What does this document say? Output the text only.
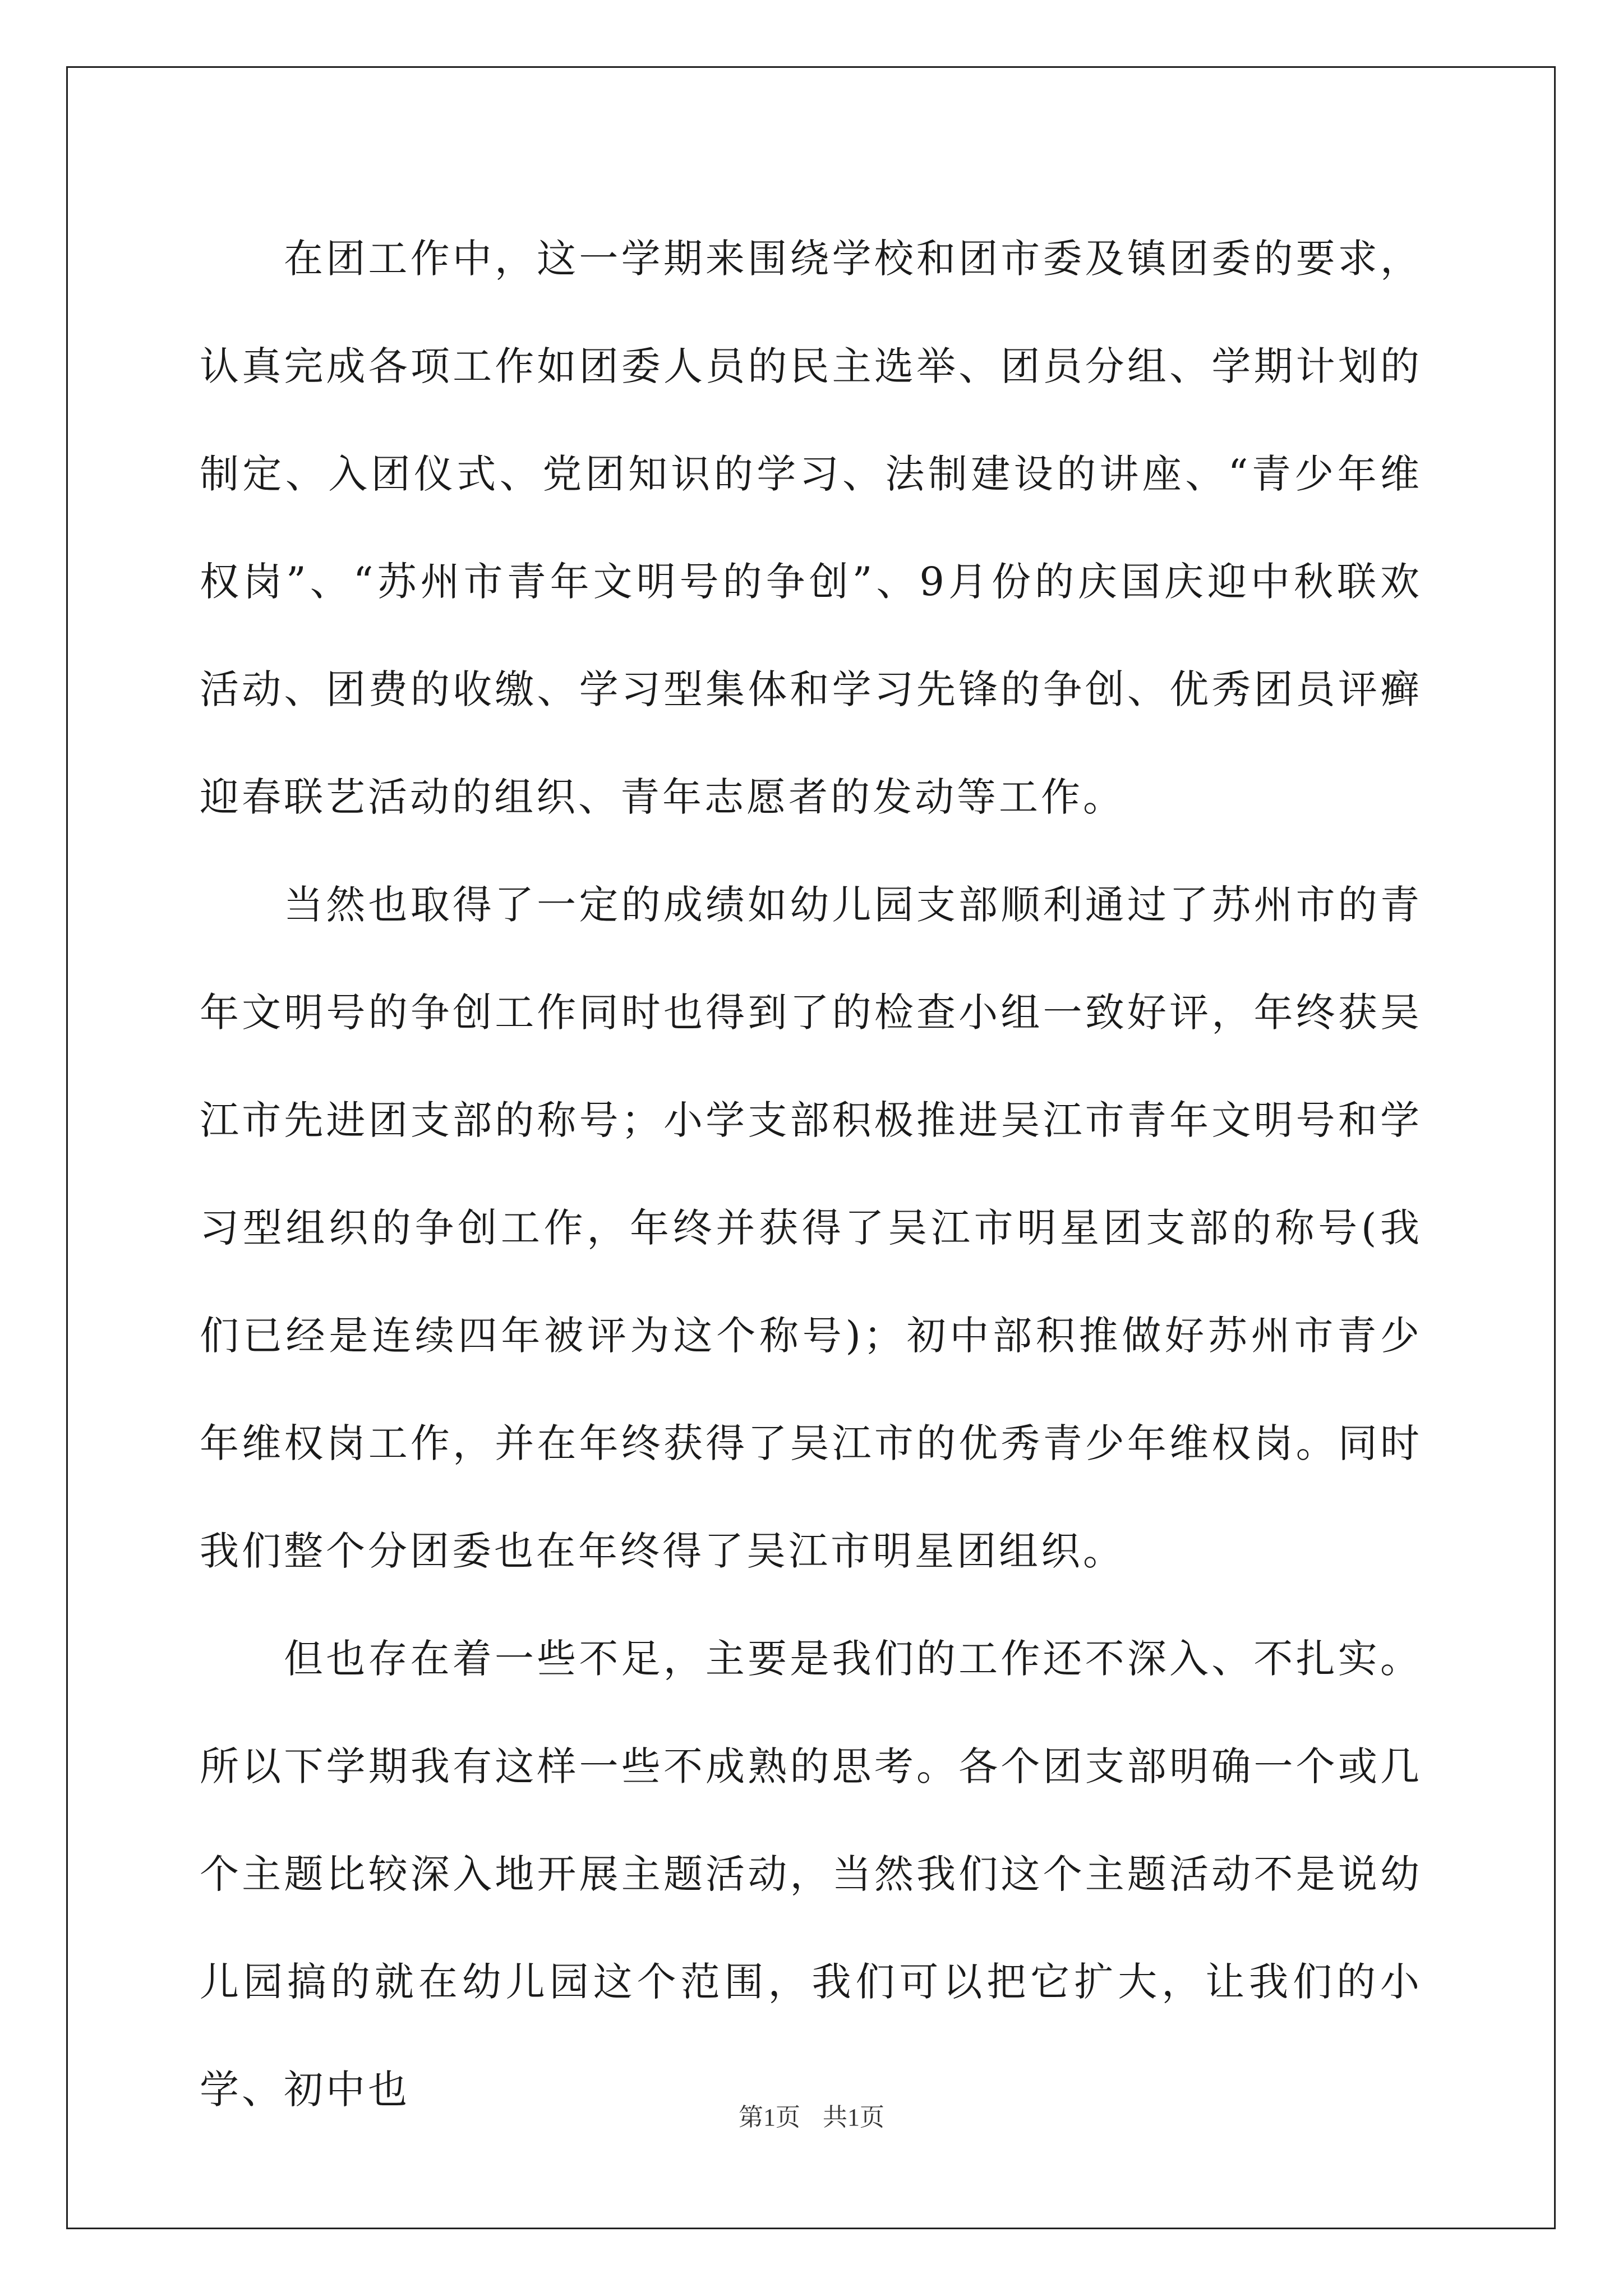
在团工作中，这一学期来围绕学校和团市委及镇团委的要求，认真完成各项工作如团委人员的民主选举、团员分组、学期计划的制定、入团仪式、党团知识的学习、法制建设的讲座、“青少年维权岗”、“苏州市青年文明号的争创”、9月份的庆国庆迎中秋联欢活动、团费的收缴、学习型集体和学习先锋的争创、优秀团员评癣迎春联艺活动的组织、青年志愿者的发动等工作。

当然也取得了一定的成绩如幼儿园支部顺利通过了苏州市的青年文明号的争创工作同时也得到了的检查小组一致好评，年终获吴江市先进团支部的称号；小学支部积极推进吴江市青年文明号和学习型组织的争创工作，年终并获得了吴江市明星团支部的称号(我们已经是连续四年被评为这个称号)；初中部积推做好苏州市青少年维权岗工作，并在年终获得了吴江市的优秀青少年维权岗。同时我们整个分团委也在年终得了吴江市明星团组织。

但也存在着一些不足，主要是我们的工作还不深入、不扎实。所以下学期我有这样一些不成熟的思考。各个团支部明确一个或几个主题比较深入地开展主题活动，当然我们这个主题活动不是说幼儿园搞的就在幼儿园这个范围，我们可以把它扩大，让我们的小学、初中也

第1页 共1页
